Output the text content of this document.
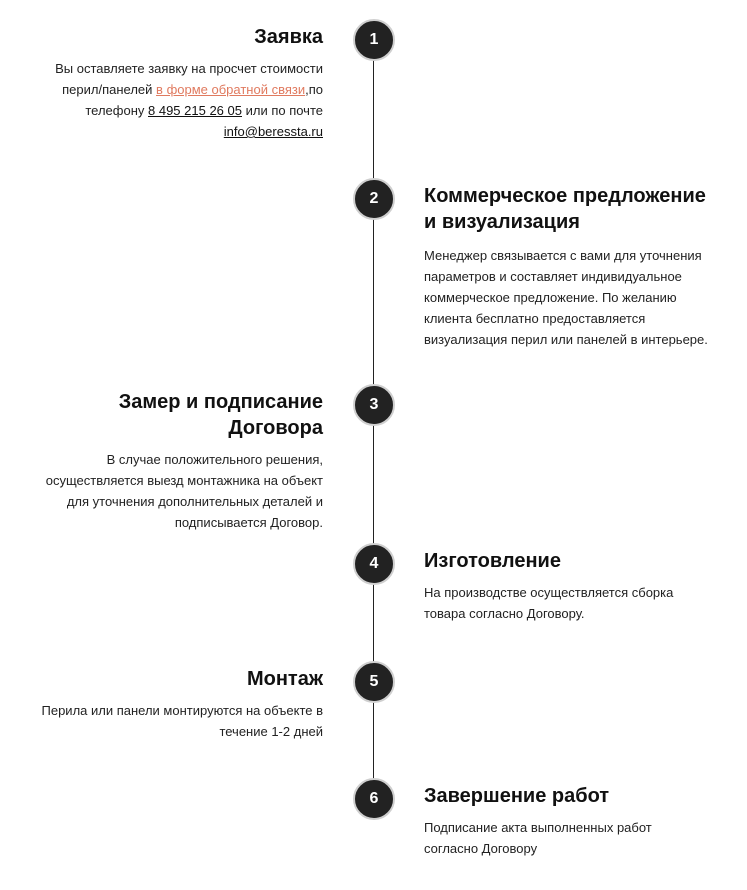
1
Заявка

Вы оставляете заявку на просчет стоимости перил/панелей в форме обратной связи,по телефону 8 495 215 26 05 или по почте info@beressta.ru

2	Коммерческое предложение
и визуализация

Менеджер связывается с вами для уточнения параметров и составляет индивидуальное коммерческое предложение. По желанию клиента бесплатно предоставляется визуализация перил или панелей в интерьере.

3
Замер и подписание Договора

В случае положительного решения, осуществляется выезд монтажника на объект для уточнения дополнительных деталей и подписывается Договор.

4	Изготовление

На производстве осуществляется сборка товара согласно Договору.

5
Монтаж

Перила или панели монтируются на объекте в течение 1-2 дней

6	Завершение работ

Подписание акта выполненных работ согласно Договору
